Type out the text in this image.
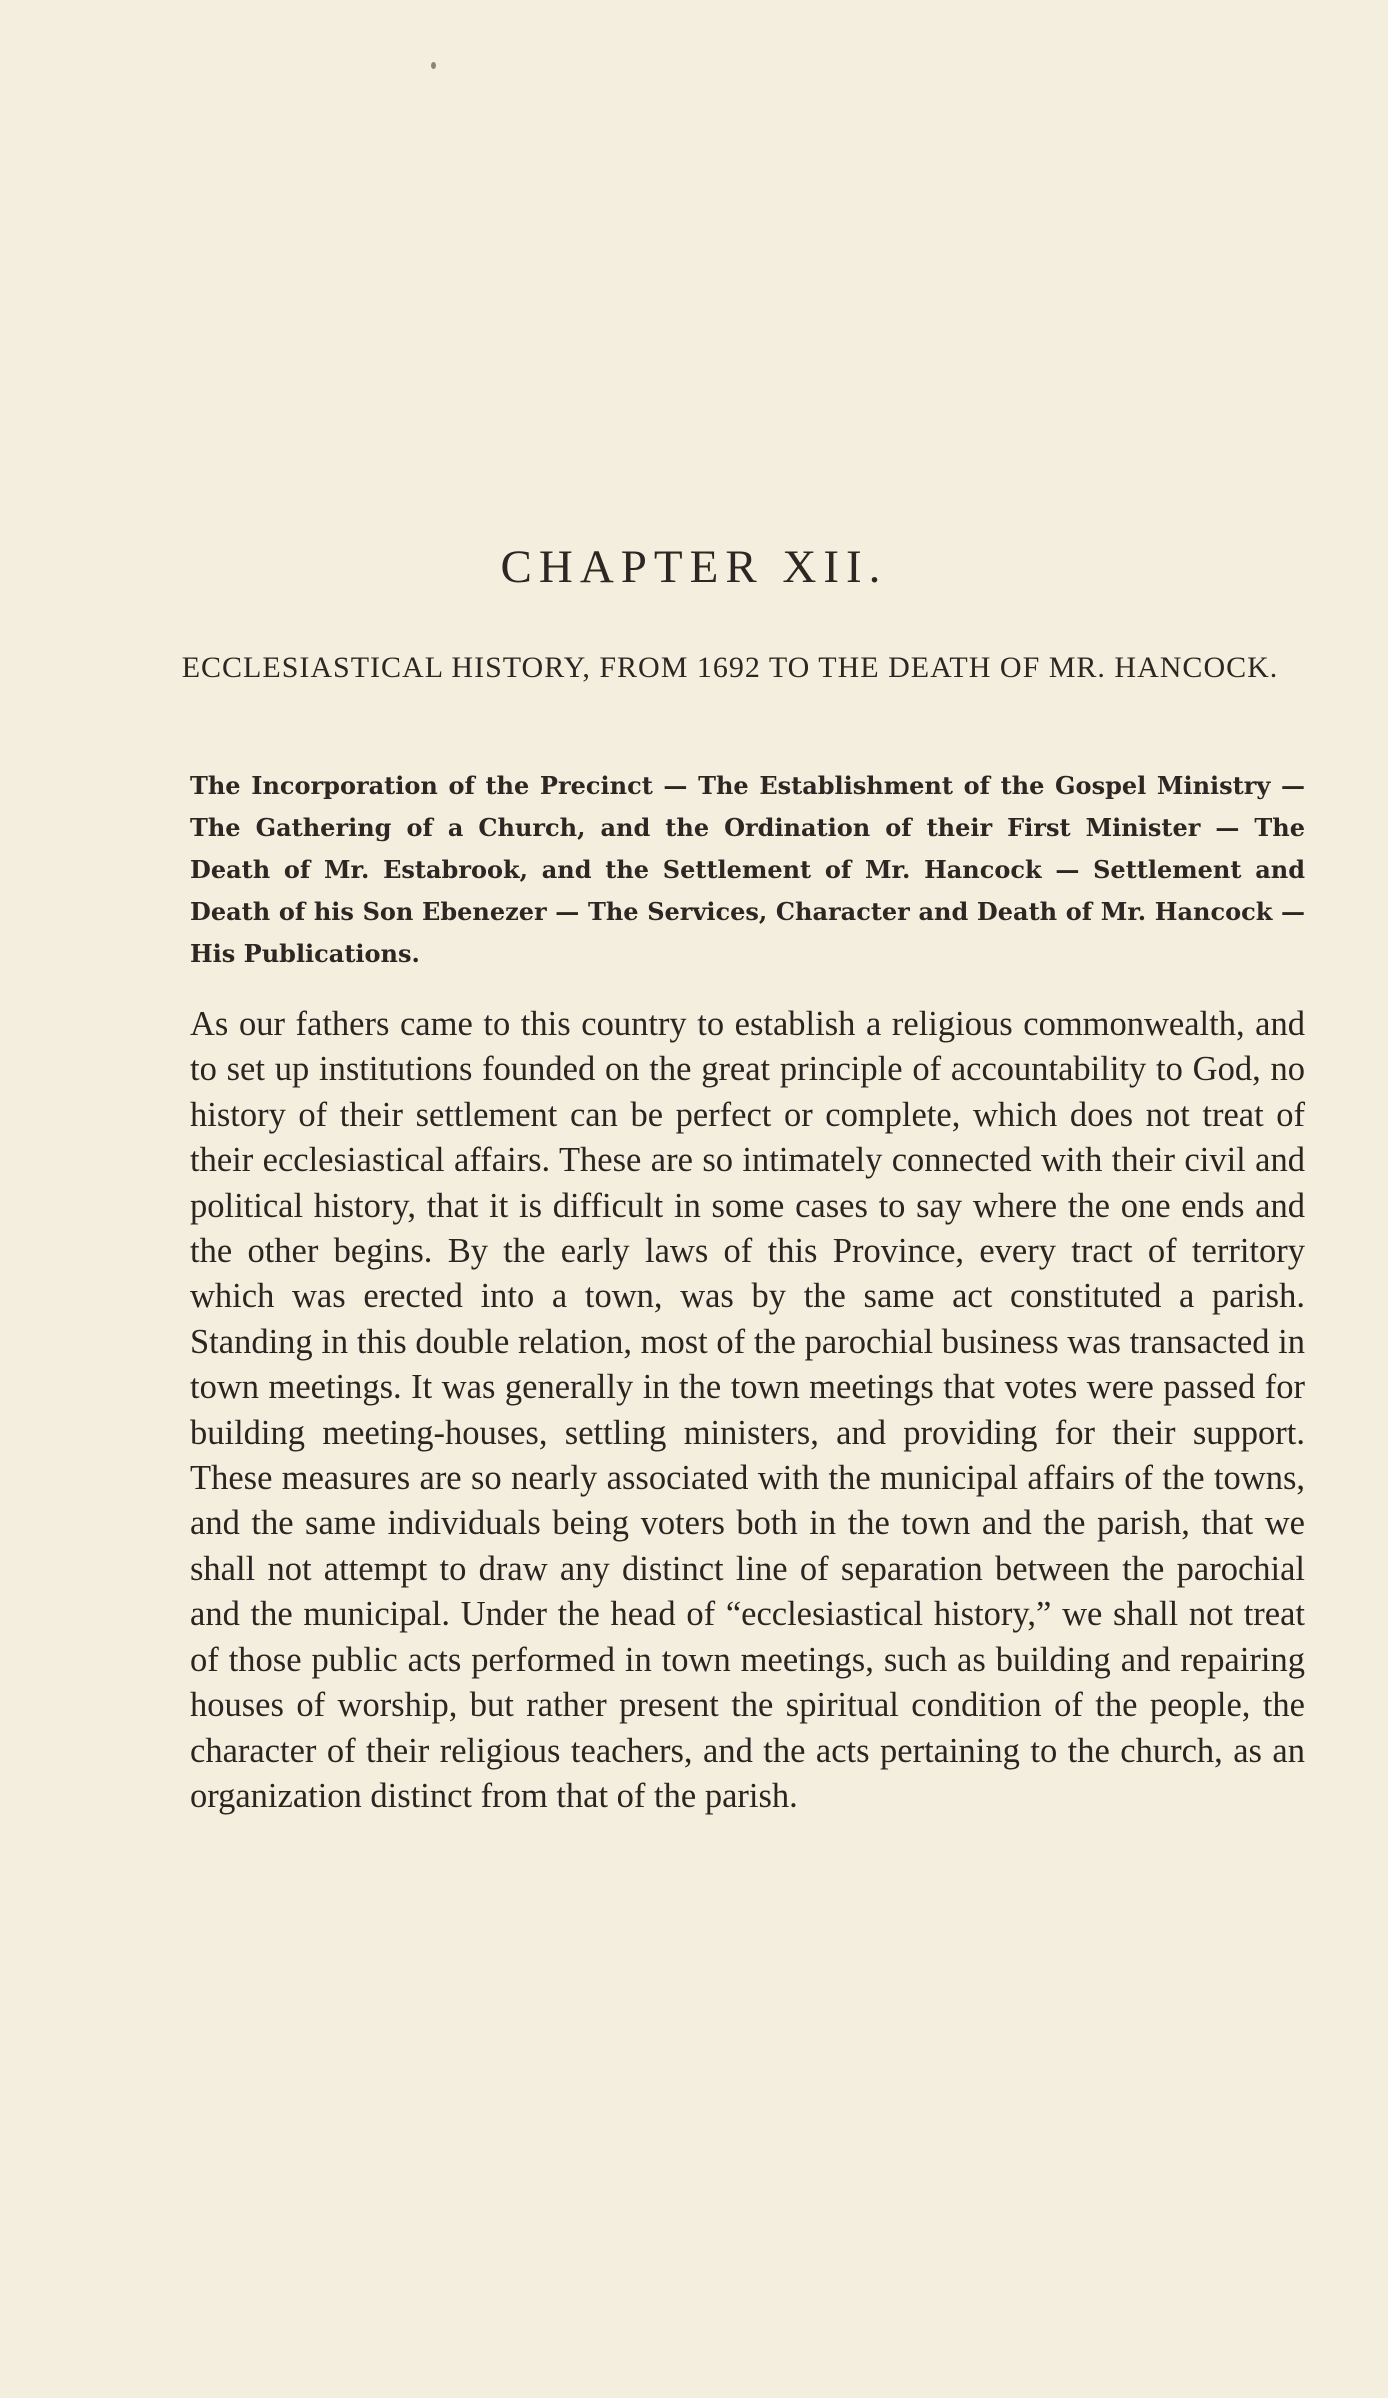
CHAPTER XII.
ECCLESIASTICAL HISTORY, FROM 1692 TO THE DEATH OF MR. HANCOCK.

The Incorporation of the Precinct — The Establishment of the Gospel Ministry — The Gathering of a Church, and the Ordination of their First Minister — The Death of Mr. Estabrook, and the Settlement of Mr. Hancock — Settlement and Death of his Son Ebenezer — The Services, Character and Death of Mr. Hancock — His Publications.

As our fathers came to this country to establish a religious commonwealth, and to set up institutions founded on the great principle of accountability to God, no history of their settlement can be perfect or complete, which does not treat of their ecclesiastical affairs. These are so intimately connected with their civil and political history, that it is difficult in some cases to say where the one ends and the other begins. By the early laws of this Province, every tract of territory which was erected into a town, was by the same act constituted a parish. Standing in this double relation, most of the parochial business was transacted in town meetings. It was generally in the town meetings that votes were passed for building meeting-houses, settling ministers, and providing for their support. These measures are so nearly associated with the municipal affairs of the towns, and the same individuals being voters both in the town and the parish, that we shall not attempt to draw any distinct line of separation between the parochial and the municipal. Under the head of “ecclesiastical history,” we shall not treat of those public acts performed in town meetings, such as building and repairing houses of worship, but rather present the spiritual condition of the people, the character of their religious teachers, and the acts pertaining to the church, as an organization distinct from that of the parish.
